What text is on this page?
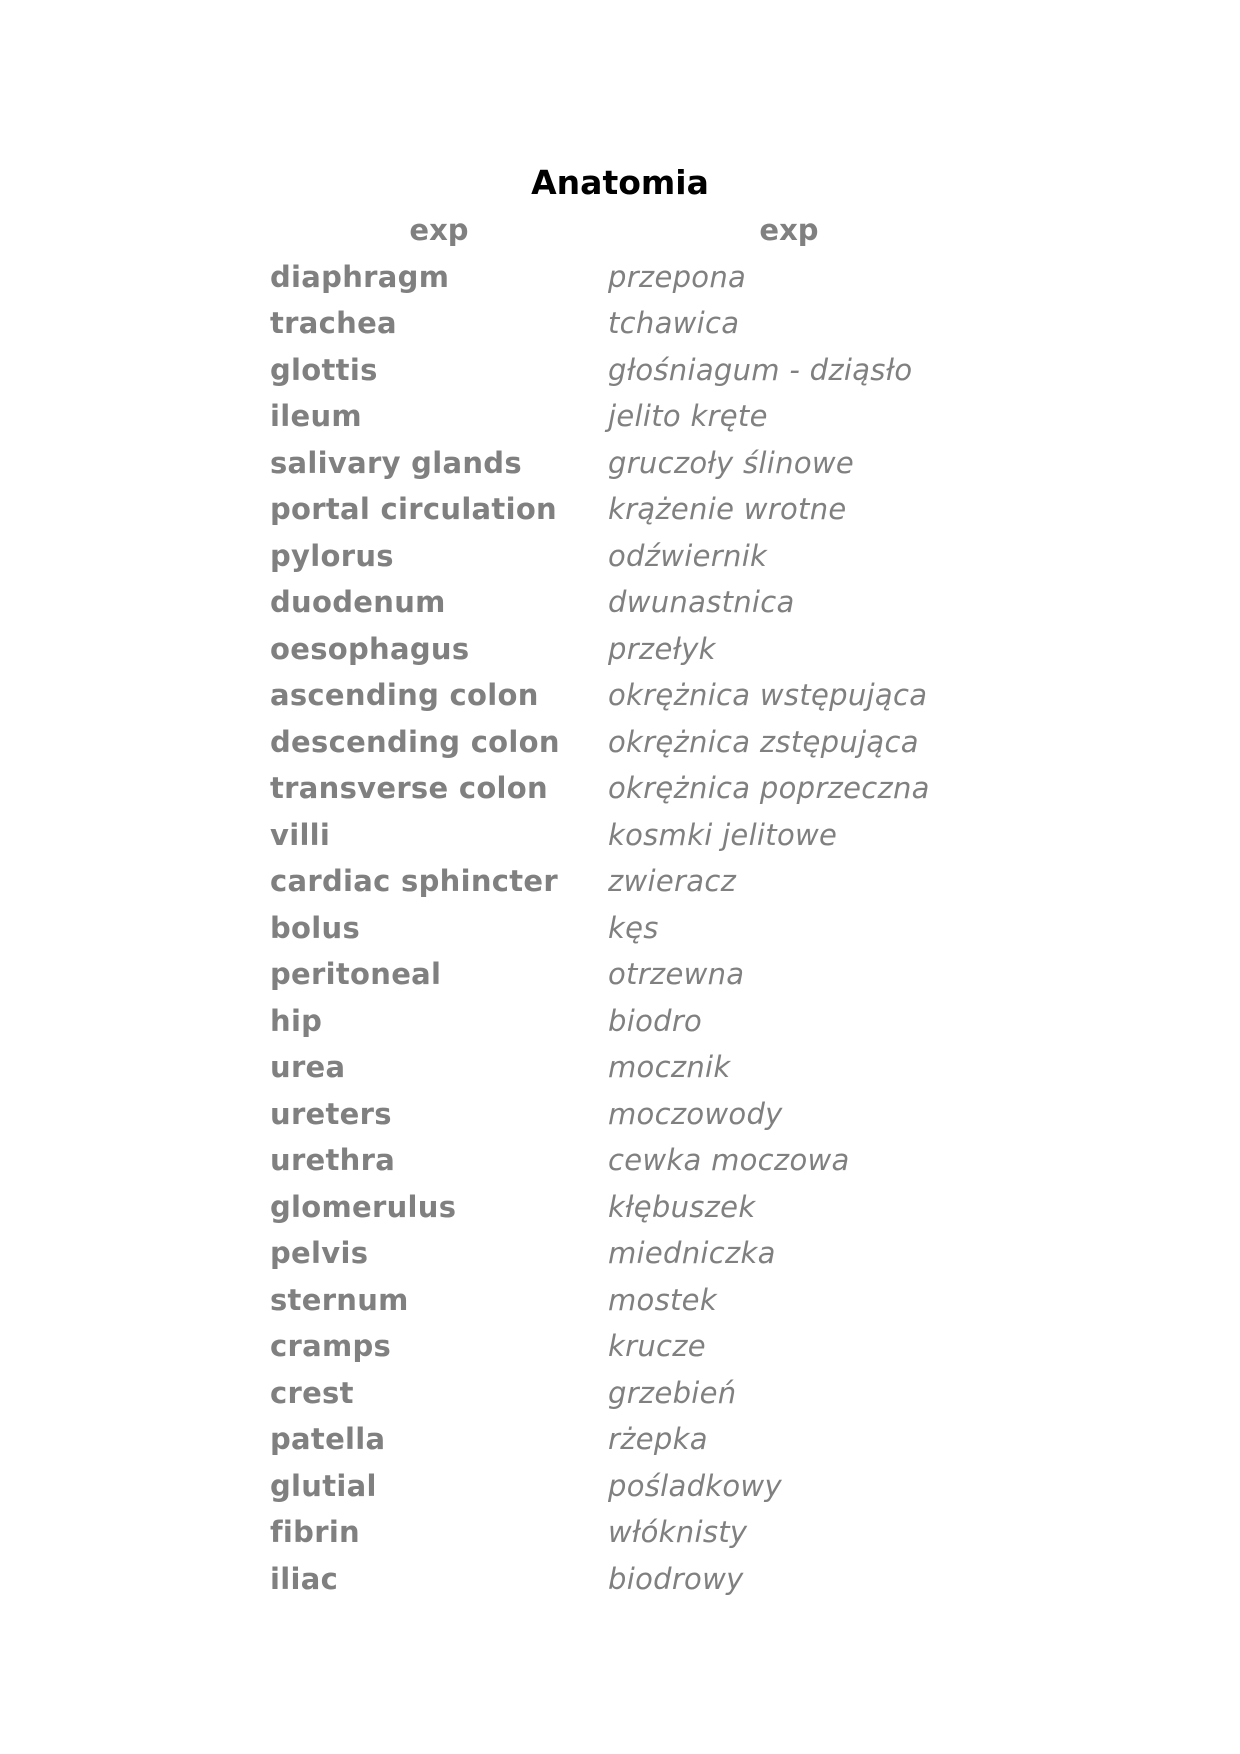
Anatomia
exp	exp
diaphragm	przepona
trachea	tchawica
glottis	głośniagum - dziąsło
ileum	jelito kręte
salivary glands	gruczoły ślinowe
portal circulation	krążenie wrotne
pylorus	odźwiernik
duodenum	dwunastnica
oesophagus	przełyk
ascending colon	okrężnica wstępująca
descending colon	okrężnica zstępująca
transverse colon	okrężnica poprzeczna
villi	kosmki jelitowe
cardiac sphincter	zwieracz
bolus	kęs
peritoneal	otrzewna
hip	biodro
urea	mocznik
ureters	moczowody
urethra	cewka moczowa
glomerulus	kłębuszek
pelvis	miedniczka
sternum	mostek
cramps	krucze
crest	grzebień
patella	rżepka
glutial	pośladkowy
fibrin	włóknisty
iliac	biodrowy
